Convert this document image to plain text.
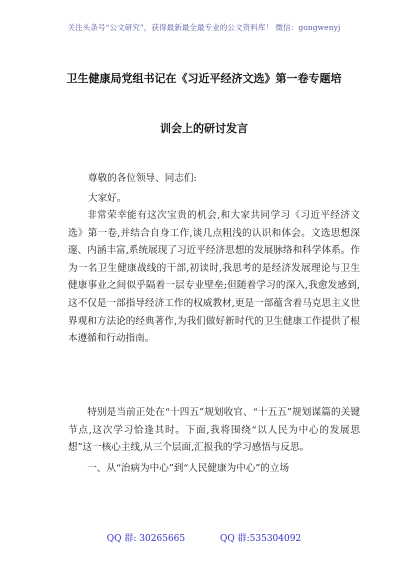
关注头条号“公文研究”，获得最新最全最专业的公文资料库！ 微信：gongwenyj
卫生健康局党组书记在《习近平经济文选》第一卷专题培
训会上的研讨发言
尊敬的各位领导、同志们:
大家好。
非常荣幸能有这次宝贵的机会,和大家共同学习《习近平经济文选》第一卷,并结合自身工作,谈几点粗浅的认识和体会。文选思想深邃、内涵丰富,系统展现了习近平经济思想的发展脉络和科学体系。作为一名卫生健康战线的干部,初读时,我思考的是经济发展理论与卫生健康事业之间似乎隔着一层专业壁垒;但随着学习的深入,我愈发感到,这不仅是一部指导经济工作的权威教材,更是一部蕴含着马克思主义世界观和方法论的经典著作,为我们做好新时代的卫生健康工作提供了根本遵循和行动指南。
特别是当前正处在“十四五”规划收官、“十五五”规划谋篇的关键节点,这次学习恰逢其时。下面,我将围绕“以人民为中心的发展思想”这一核心主线,从三个层面,汇报我的学习感悟与反思。
一、从“治病为中心”到“人民健康为中心”的立场
QQ 群: 30265665	QQ 群:535304092
